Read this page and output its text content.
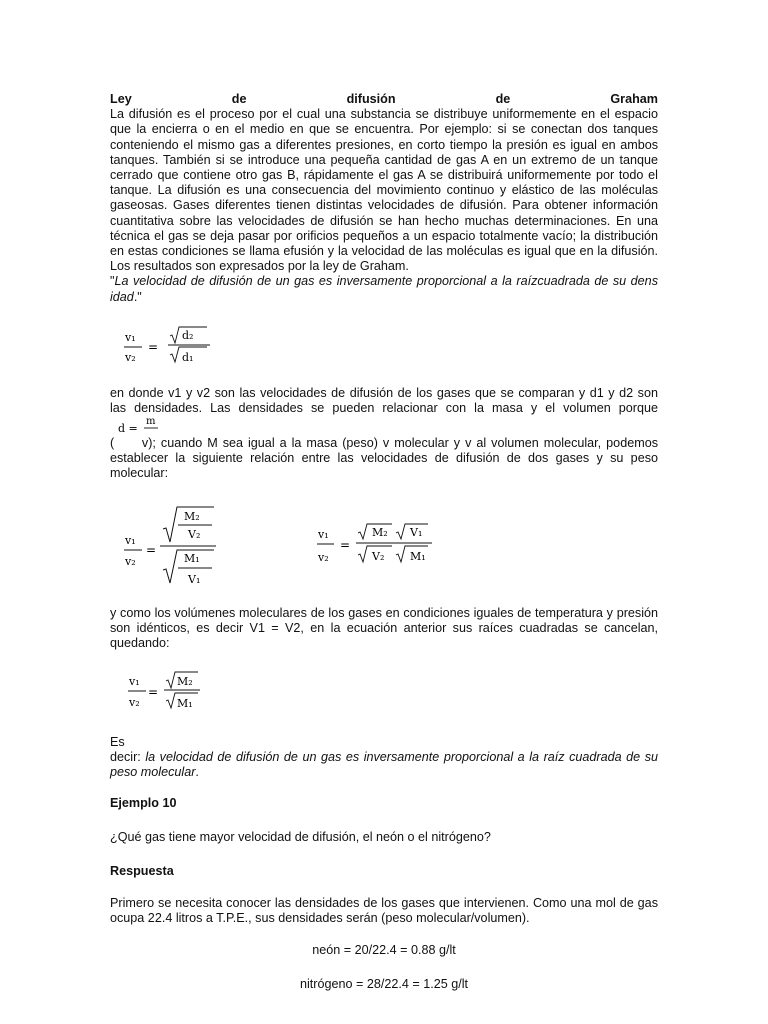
Ley	de	difusión	de	Graham

La difusión es el proceso por el cual una substancia se distribuye uniformemente en el espacio que la encierra o en el medio en que se encuentra. Por ejemplo: si se conectan dos tanques conteniendo el mismo gas a diferentes presiones, en corto tiempo la presión es igual en ambos tanques. También si se introduce una pequeña cantidad de gas A en un extremo de un tanque cerrado que contiene otro gas B, rápidamente el gas A se distribuirá uniformemente por todo el tanque. La difusión es una consecuencia del movimiento continuo y elástico de las moléculas gaseosas. Gases diferentes tienen distintas velocidades de difusión. Para obtener información cuantitativa sobre las velocidades de difusión se han hecho muchas determinaciones. En una técnica el gas se deja pasar por orificios pequeños a un espacio totalmente vacío; la distribución en estas condiciones se llama efusión y la velocidad de las moléculas es igual que en la difusión. Los resultados son expresados por la ley de Graham.

"La velocidad de difusión de un gas es inversamente proporcional a la raízcuadrada de su dens idad."

v₁
v₂
=
d₂
d₁

en donde v1 y v2 son las velocidades de difusión de los gases que se comparan y d1 y d2 son

las densidades. Las densidades se pueden relacionar con la masa y el volumen porque

d =
m

( v); cuando M sea igual a la masa (peso) v molecular y v al volumen molecular, podemos establecer la siguiente relación entre las velocidades de difusión de dos gases y su peso molecular:

v₁
v₂
=
M₂
V₂
M₁
V₁
v₁
v₂
=
M₂ V₁
V₂ M₁

y como los volúmenes moleculares de los gases en condiciones iguales de temperatura y presión son idénticos, es decir V1 = V2, en la ecuación anterior sus raíces cuadradas se cancelan, quedando:

v₁
v₂
=
M₂
M₁

Es

decir: la velocidad de difusión de un gas es inversamente proporcional a la raíz cuadrada de su peso molecular.

Ejemplo 10
¿Qué gas tiene mayor velocidad de difusión, el neón o el nitrógeno?
Respuesta

Primero se necesita conocer las densidades de los gases que intervienen. Como una mol de gas ocupa 22.4 litros a T.P.E., sus densidades serán (peso molecular/volumen).

neón = 20/22.4 = 0.88 g/lt
nitrógeno = 28/22.4 = 1.25 g/lt
